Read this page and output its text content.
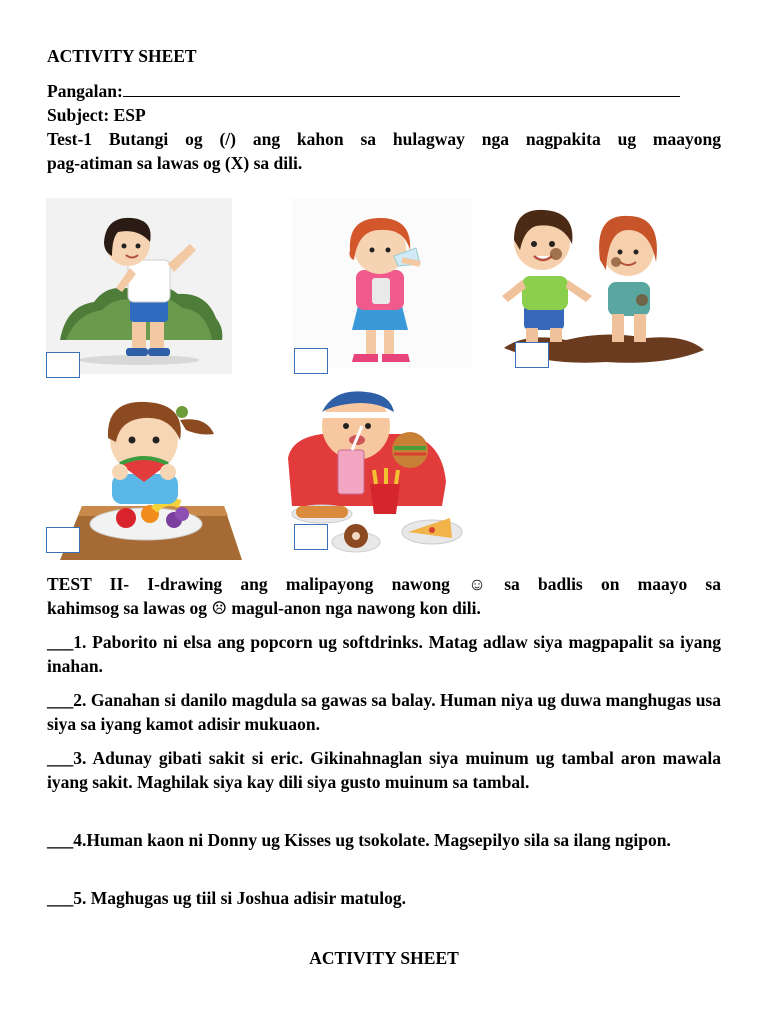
ACTIVITY SHEET
Pangalan:
Subject: ESP
Test-1 Butangi og (/) ang kahon sa hulagway nga nagpakita ug maayong
pag-atiman sa lawas og (X) sa dili.
TEST II- I-drawing ang malipayong nawong ☺ sa badlis on maayo sa
kahimsog sa lawas og ☹ magul-anon nga nawong kon dili.
___1. Paborito ni elsa ang popcorn ug softdrinks. Matag adlaw siya magpapalit sa iyang inahan.
___2. Ganahan si danilo magdula sa gawas sa balay. Human niya ug duwa manghugas usa siya sa iyang kamot adisir mukuaon.
___3. Adunay gibati sakit si eric. Gikinahnaglan siya muinum ug tambal aron mawala iyang sakit. Maghilak siya kay dili siya gusto muinum sa tambal.
___4.Human kaon ni Donny ug Kisses ug tsokolate. Magsepilyo sila sa ilang ngipon.
___5. Maghugas ug tiil si Joshua adisir matulog.
ACTIVITY SHEET
